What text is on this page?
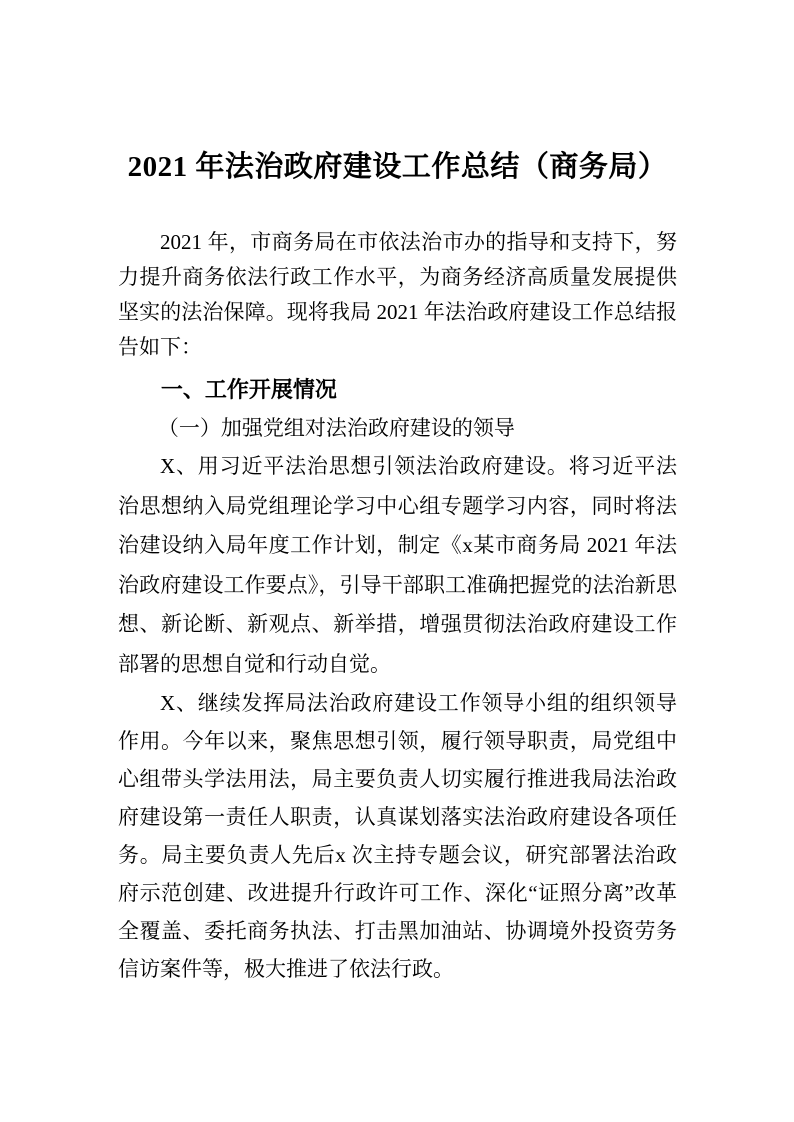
2021 年法治政府建设工作总结（商务局）

2021 年，市商务局在市依法治市办的指导和支持下，努力提升商务依法行政工作水平，为商务经济高质量发展提供坚实的法治保障。现将我局 2021 年法治政府建设工作总结报告如下：

一、工作开展情况

（一）加强党组对法治政府建设的领导

X、用习近平法治思想引领法治政府建设。将习近平法治思想纳入局党组理论学习中心组专题学习内容，同时将法治建设纳入局年度工作计划，制定《x某市商务局 2021 年法治政府建设工作要点》，引导干部职工准确把握党的法治新思想、新论断、新观点、新举措，增强贯彻法治政府建设工作部署的思想自觉和行动自觉。

X、继续发挥局法治政府建设工作领导小组的组织领导作用。今年以来，聚焦思想引领，履行领导职责，局党组中心组带头学法用法，局主要负责人切实履行推进我局法治政府建设第一责任人职责，认真谋划落实法治政府建设各项任务。局主要负责人先后x 次主持专题会议，研究部署法治政府示范创建、改进提升行政许可工作、深化“证照分离”改革全覆盖、委托商务执法、打击黑加油站、协调境外投资劳务信访案件等，极大推进了依法行政。
